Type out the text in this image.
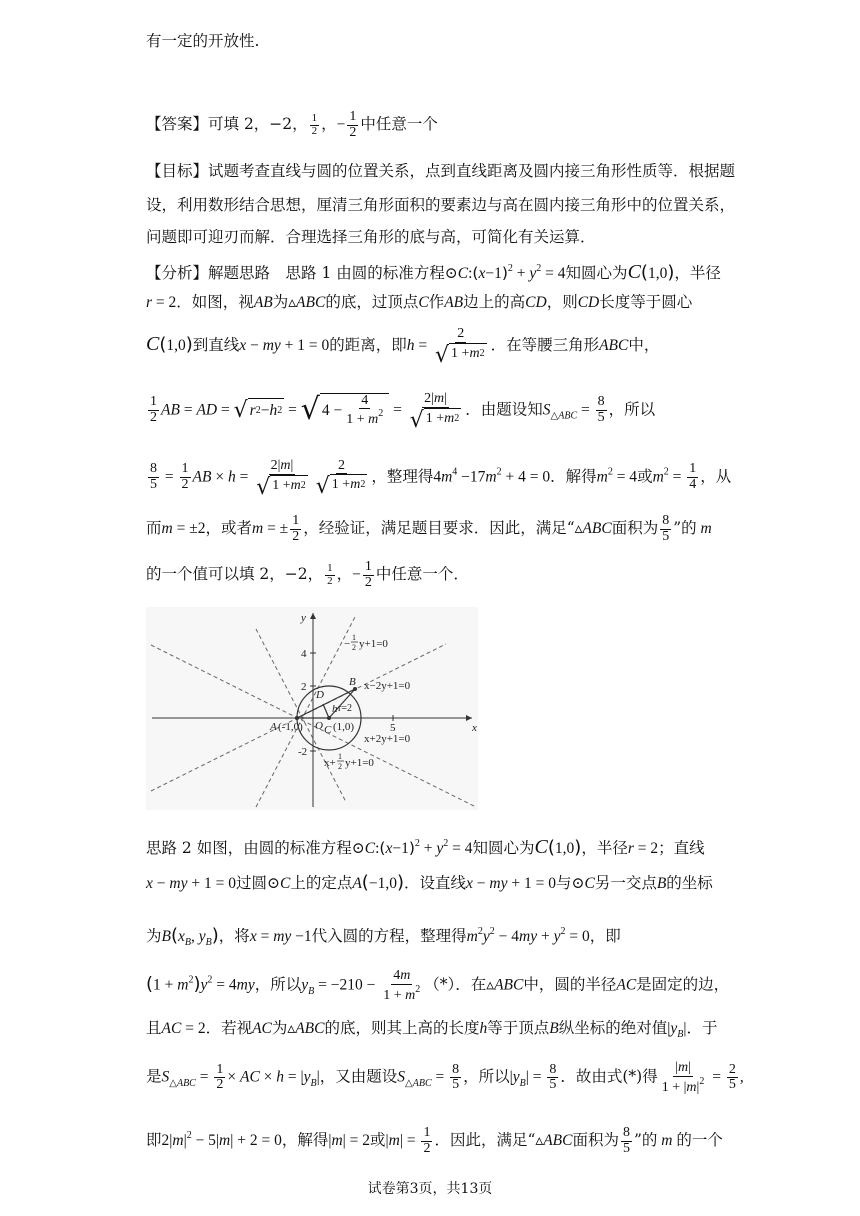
有一定的开放性.
【答案】可填 2，−2， $\frac{1}{2}$ ，− $\frac{1}{2}$ 中任意一个
【目标】试题考查直线与圆的位置关系，点到直线距离及圆内接三角形性质等．根据题
设，利用数形结合思想，厘清三角形面积的要素边与高在圆内接三角形中的位置关系，
问题即可迎刃而解．合理选择三角形的底与高，可简化有关运算．
【分析】解题思路　思路 1 由圆的标准方程$⊙C:(x-1)^2 + y^2 = 4$知圆心为C(1,0)，半径
r = 2．如图，视AB为▵ABC的底，过顶点C作AB边上的高CD，则CD长度等于圆心
C(1,0)到直线x − my + 1 = 0的距离，即$h = \frac{2}{√ 1 + m 2}$ ．在等腰三角形ABC中，
$\frac{1}{2}$ AB = AD = √ r 2 − h 2 = √ $4 - \frac{4}{1 + m^2} = \frac{2|m|}{√ 1 + m 2}$ ．由题设知$S_{\triangle ABC} = \frac{8}{5}$ ，所以
$\frac{8}{5} = \frac{1}{2}$ AB × $h = \frac{2|m|}{√ 1 + m 2} \frac{2}{√ 1 + m 2}$ ，整理得$4m^4 -17m^2 + 4 = 0$．解得$m^2 = 4$或$m^2 = \frac{1}{4}$ ，从
而m = ±2，或者m = ± $\frac{1}{2}$ ，经验证，满足题目要求．因此，满足“▵ABC面积为 $\frac{8}{5}$ ”的 m
的一个值可以填 2，−2， $\frac{1}{2}$ ，− $\frac{1}{2}$ 中任意一个．
x
y
4
2
-2
5
A (-1,0)
B
C (1,0)
D
O
h r=2
x−2y+1=0
x+2y+1=0
−
1
2 y+1=0
x+
1
2 y+1=0
思路 2 如图，由圆的标准方程$⊙C:(x-1)^2 + y^2 = 4$知圆心为C(1,0)，半径r = 2；直线
x − my + 1 = 0过圆⊙C上的定点A(−1,0)．设直线x − my + 1 = 0与⊙C另一交点B的坐标
为$B(x_B$, $y_B$)，将x = my −1代入圆的方程，整理得$m^2y^2 - 4my + y^2 = 0$，即
$(1 + m^2)y^2 = 4my$，所以$y_B = -210 - \frac{4m}{1 + m^2}$ （*）．在▵ABC中，圆的半径AC是固定的边，
且AC = 2．若视AC为▵ABC的底，则其上高的长度h等于顶点B纵坐标的绝对值$|y_B|$．于
是$S_{\triangle ABC} = \frac{1}{2}$ × AC × $h = |y_B|$，又由题设$S_{\triangle ABC} = \frac{8}{5}$ ，所以$|y_B| = \frac{8}{5}$ ．故由式(*)得 $\frac{|m|}{1 + |m|^2} = \frac{2}{5}$ ,
即$2|m|^2 - 5|m| + 2 = 0$，解得|m| = 2或$|m| = \frac{1}{2}$ ．因此，满足“▵ABC面积为 $\frac{8}{5}$ ”的 m 的一个
试卷第3页，共13页
